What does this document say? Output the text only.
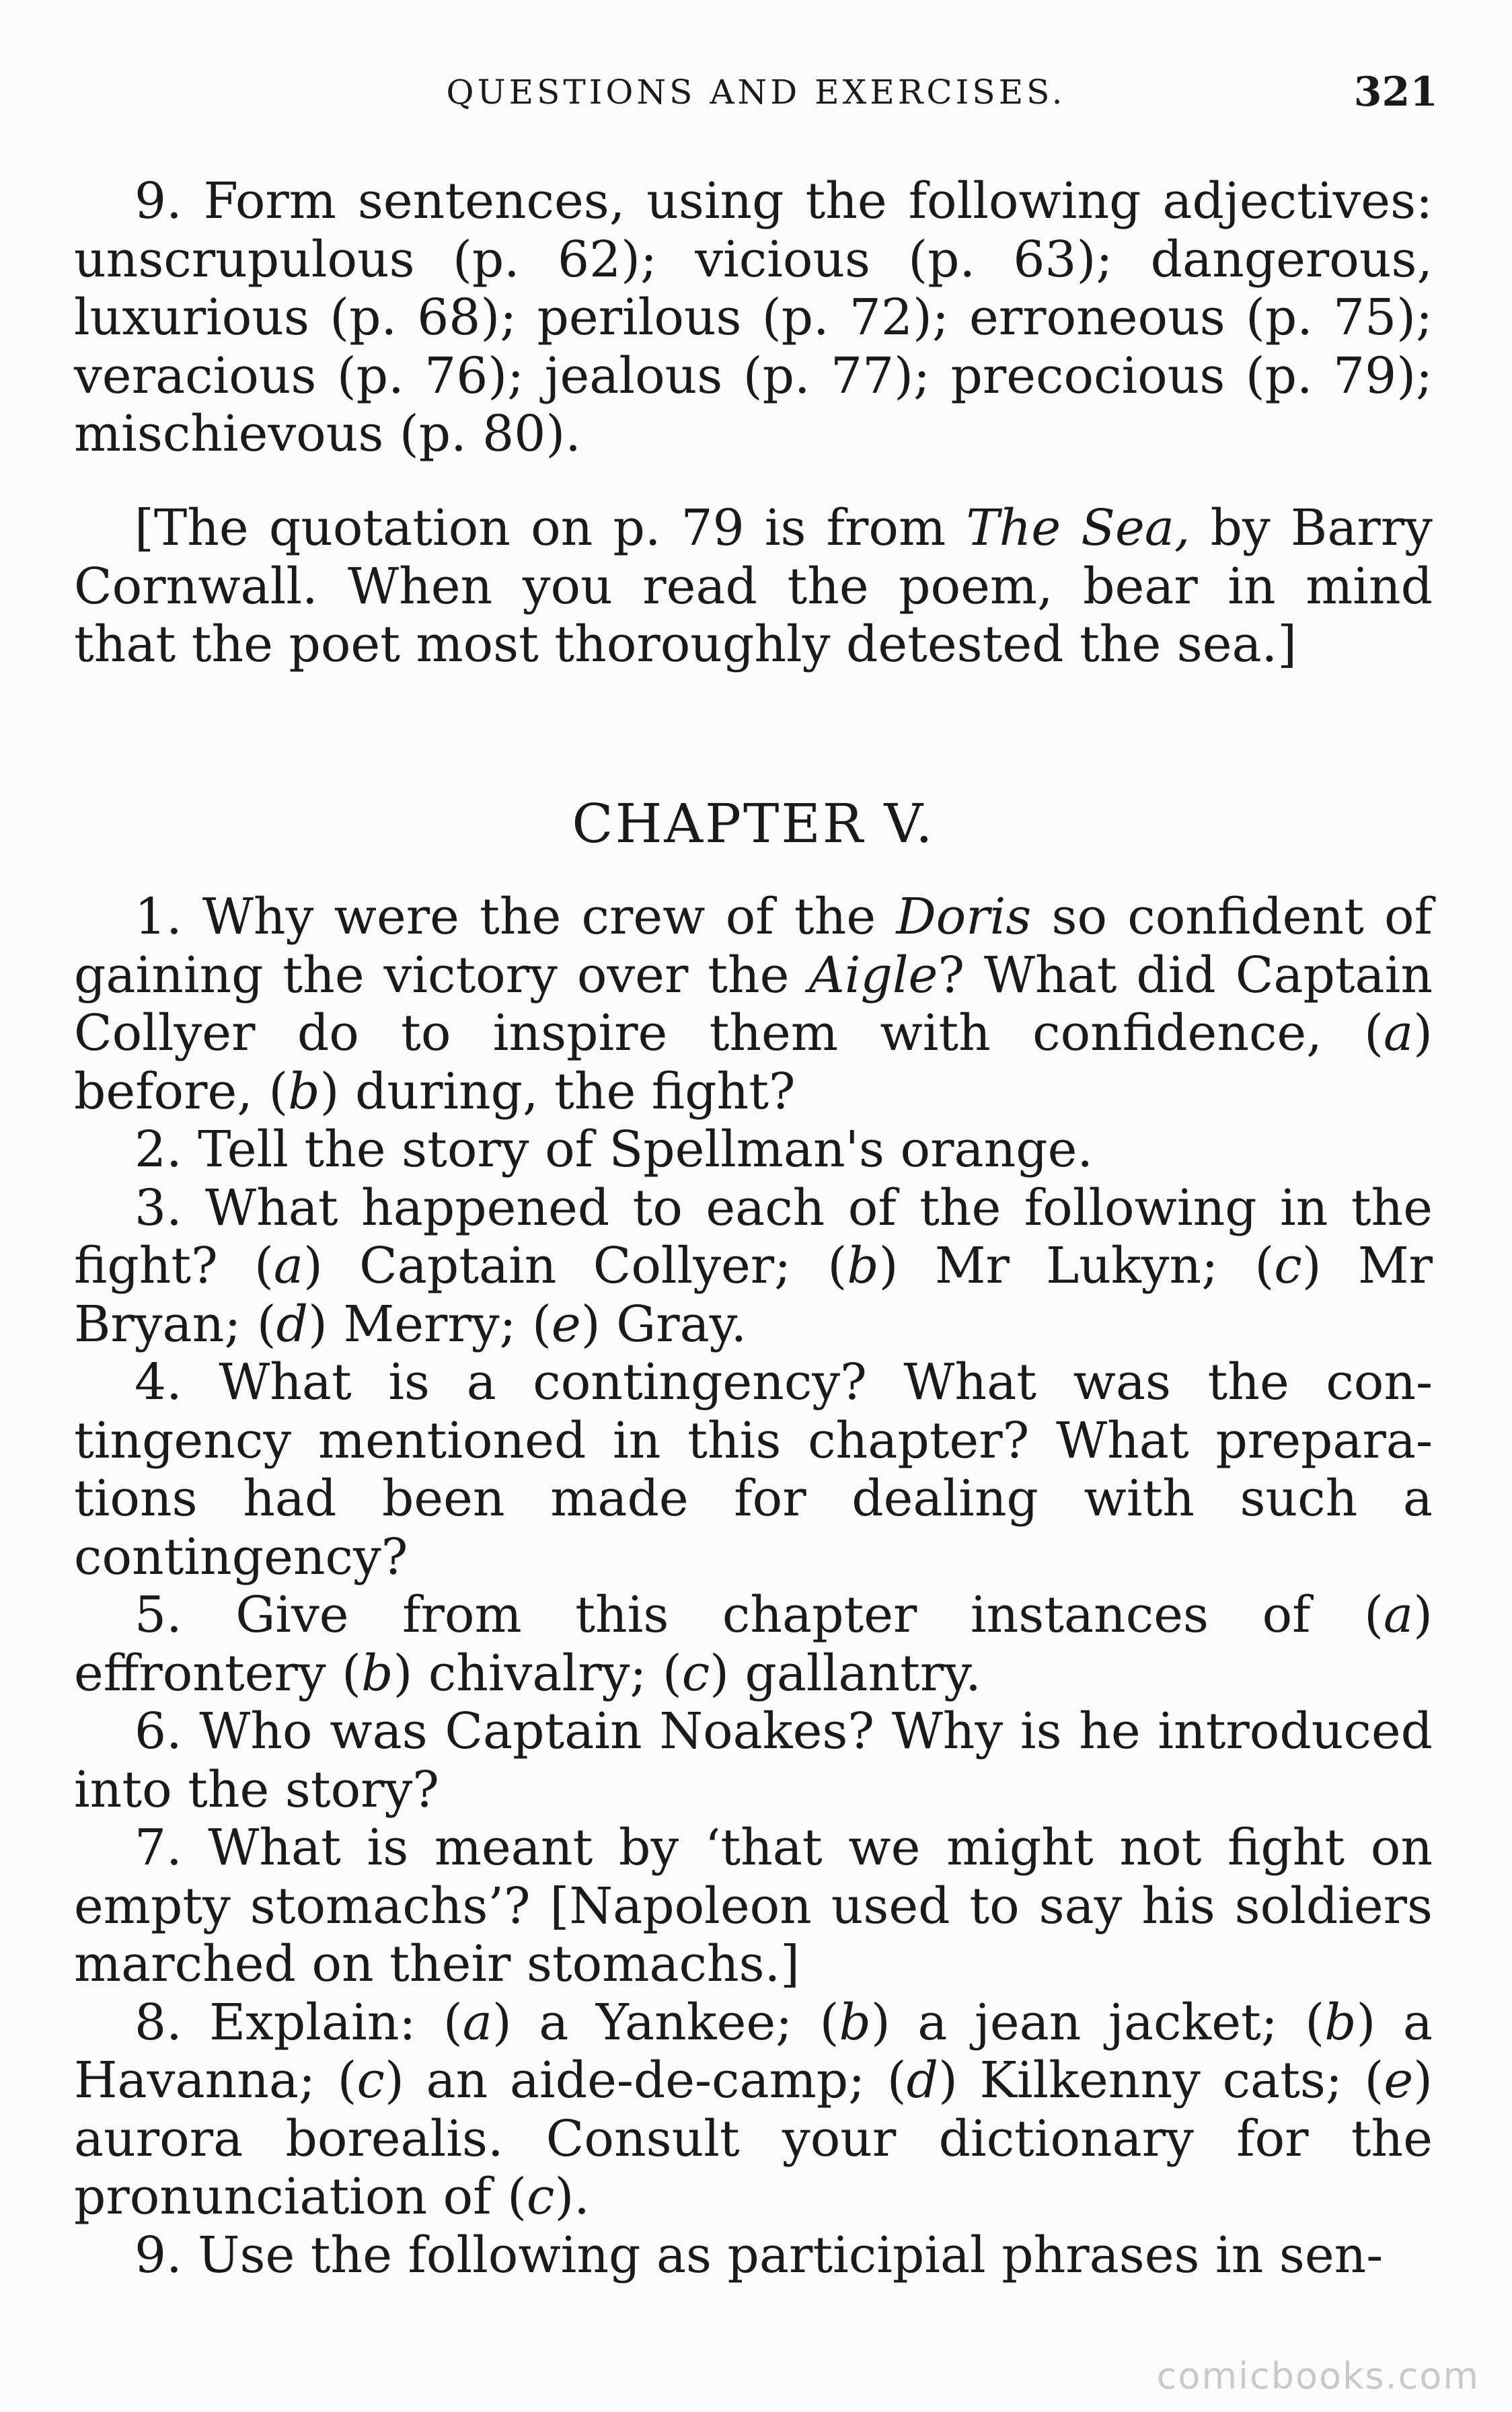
QUESTIONS AND EXERCISES.	321

9. Form sentences, using the following adjectives: unscrupulous (p. 62); vicious (p. 63); dangerous, luxurious (p. 68); perilous (p. 72); erroneous (p. 75); veracious (p. 76); jealous (p. 77); precocious (p. 79); mischievous (p. 80).

[The quotation on p. 79 is from The Sea, by Barry Cornwall. When you read the poem, bear in mind that the poet most thoroughly detested the sea.]

CHAPTER V.

1. Why were the crew of the Doris so confident of gaining the victory over the Aigle? What did Captain Collyer do to inspire them with confidence, (a) before, (b) during, the fight?

2. Tell the story of Spellman's orange.

3. What happened to each of the following in the fight? (a) Captain Collyer; (b) Mr Lukyn; (c) Mr Bryan; (d) Merry; (e) Gray.

4. What is a contingency? What was the contingency mentioned in this chapter? What preparations had been made for dealing with such a contingency?

5. Give from this chapter instances of (a) effrontery (b) chivalry; (c) gallantry.

6. Who was Captain Noakes? Why is he introduced into the story?

7. What is meant by ‘that we might not fight on empty stomachs’? [Napoleon used to say his soldiers marched on their stomachs.]

8. Explain: (a) a Yankee; (b) a jean jacket; (b) a Havanna; (c) an aide-de-camp; (d) Kilkenny cats; (e) aurora borealis. Consult your dictionary for the pronunciation of (c).

9. Use the following as participial phrases in sen-

comicbooks.com
